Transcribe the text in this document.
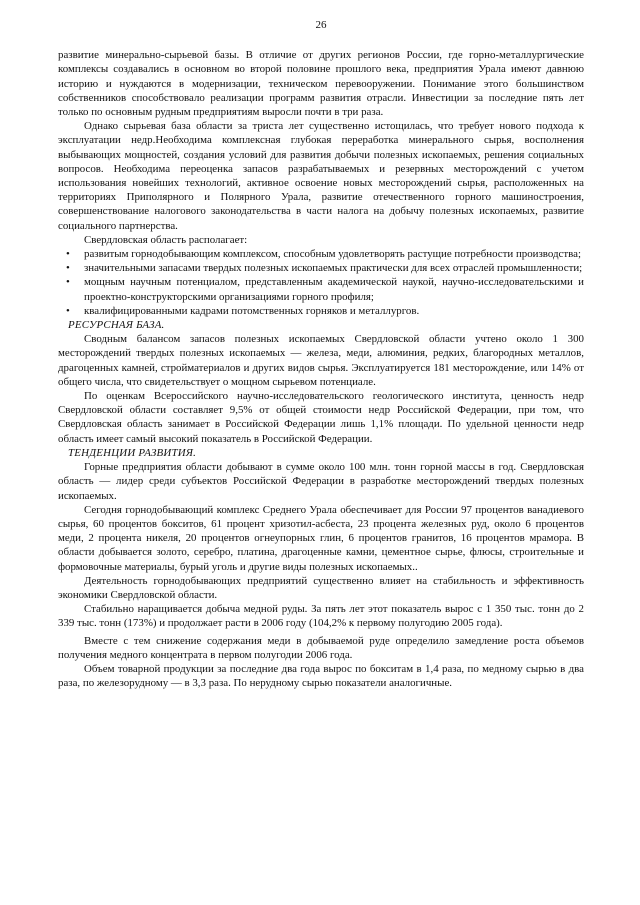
26

развитие минерально-сырьевой базы. В отличие от других регионов России, где горно-металлургические комплексы создавались в основном во второй половине прошлого века, предприятия Урала имеют давнюю историю и нуждаются в модернизации, техническом перевооружении. Понимание этого большинством собственников способствовало реализации программ развития отрасли. Инвестиции за последние пять лет только по основным рудным предприятиям выросли почти в три раза.

Однако сырьевая база области за триста лет существенно истощилась, что требует нового подхода к эксплуатации недр.Необходима комплексная глубокая переработка минерального сырья, восполнения выбывающих мощностей, создания условий для развития добычи полезных ископаемых, решения социальных вопросов. Необходима переоценка запасов разрабатываемых и резервных месторождений с учетом использования новейших технологий, активное освоение новых месторождений сырья, расположенных на территориях Приполярного и Полярного Урала, развитие отечественного горного машиностроения, совершенствование налогового законодательства в части налога на добычу полезных ископаемых, развитие социального партнерства.

Свердловская область располагает:

•	развитым горнодобывающим комплексом, способным удовлетворять растущие потребности производства;
•	значительными запасами твердых полезных ископаемых практически для всех отраслей промышленности;
•	мощным научным потенциалом, представленным академической наукой, научно-исследовательскими и проектно-конструкторскими организациями горного профиля;
•	квалифицированными кадрами потомственных горняков и металлургов.
РЕСУРСНАЯ БАЗА.

Сводным балансом запасов полезных ископаемых Свердловской области учтено около 1 300 месторождений твердых полезных ископаемых — железа, меди, алюминия, редких, благородных металлов, драгоценных камней, стройматериалов и других видов сырья. Эксплуатируется 181 месторождение, или 14% от общего числа, что свидетельствует о мощном сырьевом потенциале.

По оценкам Всероссийского научно-исследовательского геологического института, ценность недр Свердловской области составляет 9,5% от общей стоимости недр Российской Федерации, при том, что Свердловская область занимает в Российской Федерации лишь 1,1% площади. По удельной ценности недр область имеет самый высокий показатель в Российской Федерации.

ТЕНДЕНЦИИ РАЗВИТИЯ.

Горные предприятия области добывают в сумме около 100 млн. тонн горной массы в год. Свердловская область — лидер среди субъектов Российской Федерации в разработке месторождений твердых полезных ископаемых.

Сегодня горнодобывающий комплекс Среднего Урала обеспечивает для России 97 процентов ванадиевого сырья, 60 процентов бокситов, 61 процент хризотил-асбеста, 23 процента железных руд, около 6 процентов меди, 2 процента никеля, 20 процентов огнеупорных глин, 6 процентов гранитов, 16 процентов мрамора. В области добывается золото, серебро, платина, драгоценные камни, цементное сырье, флюсы, строительные и формовочные материалы, бурый уголь и другие виды полезных ископаемых..

Деятельность горнодобывающих предприятий существенно влияет на стабильность и эффективность экономики Свердловской области.

Стабильно наращивается добыча медной руды. За пять лет этот показатель вырос с 1 350 тыс. тонн до 2 339 тыс. тонн (173%) и продолжает расти в 2006 году (104,2% к первому полугодию 2005 года).

Вместе с тем снижение содержания меди в добываемой руде определило замедление роста объемов получения медного концентрата в первом полугодии 2006 года.

Объем товарной продукции за последние два года вырос по бокситам в 1,4 раза, по медному сырью в два раза, по железорудному — в 3,3 раза. По нерудному сырью показатели аналогичные.
